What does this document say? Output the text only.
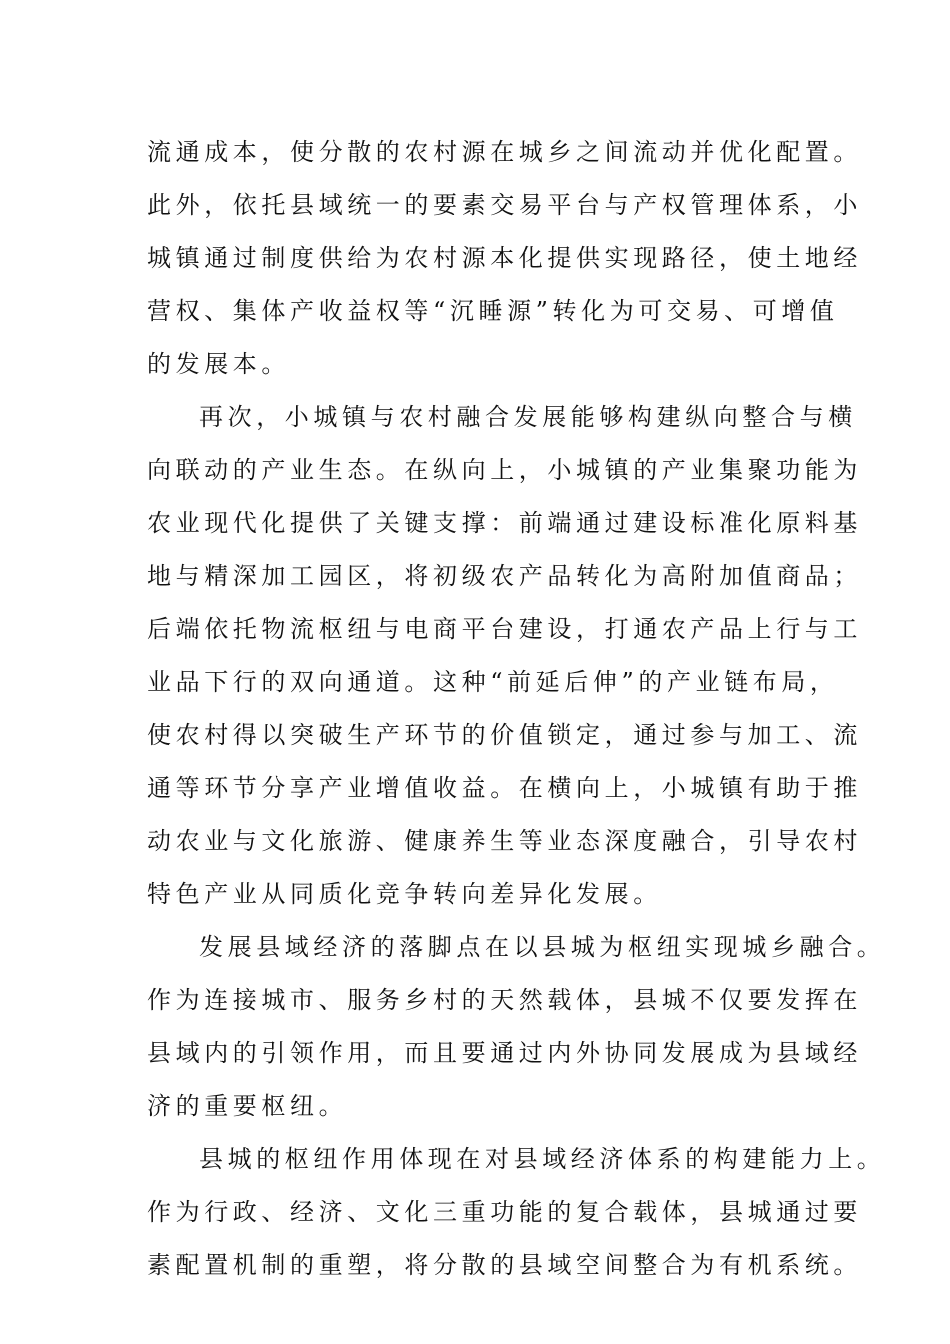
流通成本，使分散的农村源在城乡之间流动并优化配置。
此外，依托县域统一的要素交易平台与产权管理体系，小
城镇通过制度供给为农村源本化提供实现路径，使土地经
营权、集体产收益权等“沉睡源”转化为可交易、可增值
的发展本。
再次，小城镇与农村融合发展能够构建纵向整合与横
向联动的产业生态。在纵向上，小城镇的产业集聚功能为
农业现代化提供了关键支撑：前端通过建设标准化原料基
地与精深加工园区，将初级农产品转化为高附加值商品；
后端依托物流枢纽与电商平台建设，打通农产品上行与工
业品下行的双向通道。这种“前延后伸”的产业链布局，
使农村得以突破生产环节的价值锁定，通过参与加工、流
通等环节分享产业增值收益。在横向上，小城镇有助于推
动农业与文化旅游、健康养生等业态深度融合，引导农村
特色产业从同质化竞争转向差异化发展。
发展县域经济的落脚点在以县城为枢纽实现城乡融合。
作为连接城市、服务乡村的天然载体，县城不仅要发挥在
县域内的引领作用，而且要通过内外协同发展成为县域经
济的重要枢纽。
县城的枢纽作用体现在对县域经济体系的构建能力上。
作为行政、经济、文化三重功能的复合载体，县城通过要
素配置机制的重塑，将分散的县域空间整合为有机系统。
